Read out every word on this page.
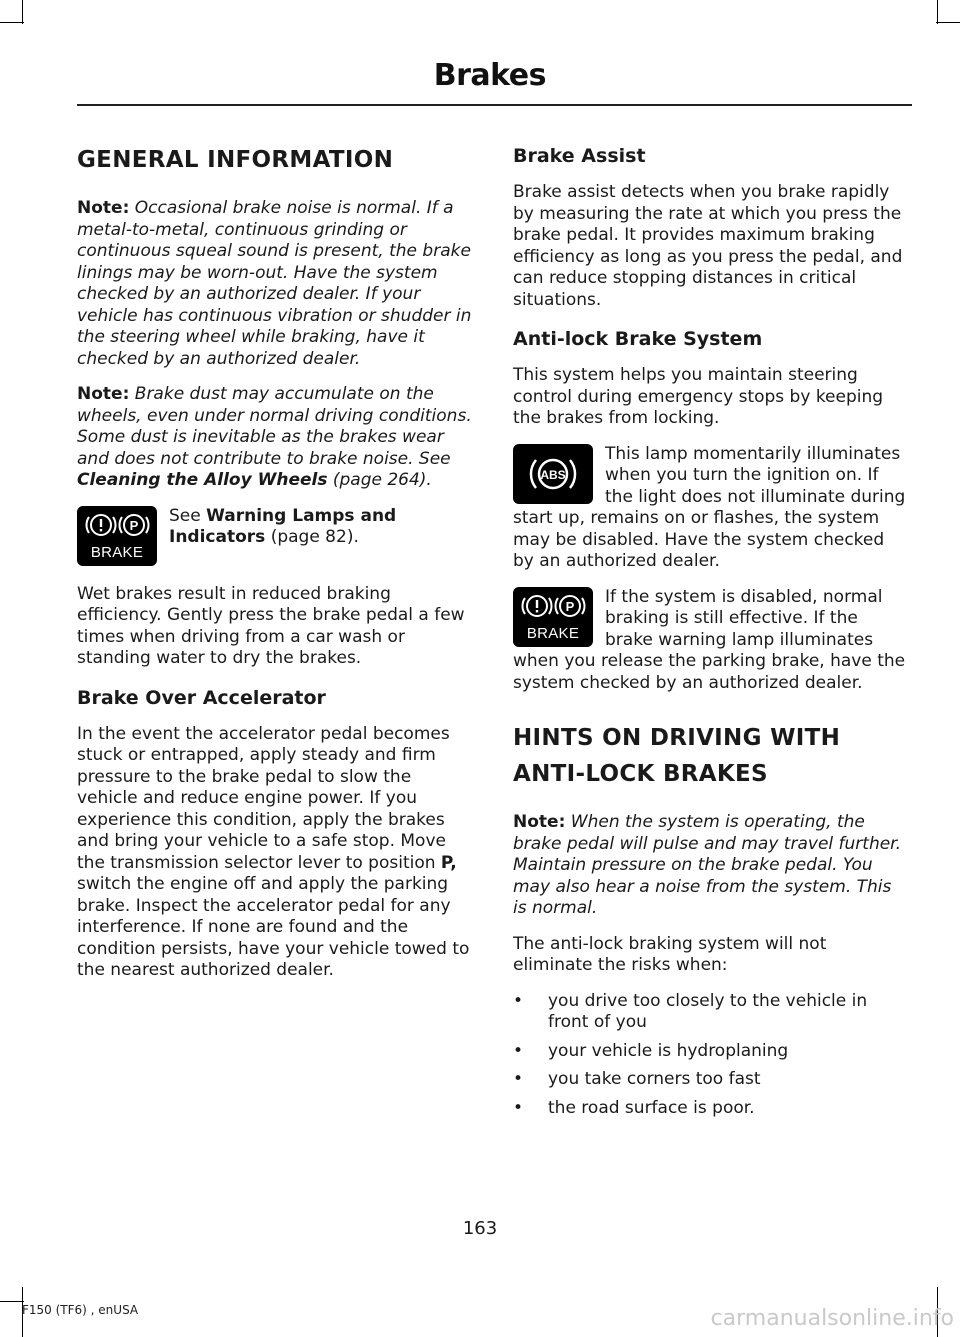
Brakes
GENERAL INFORMATION

Note: Occasional brake noise is normal. If a metal-to-metal, continuous grinding or continuous squeal sound is present, the brake linings may be worn-out. Have the system checked by an authorized dealer. If your vehicle has continuous vibration or shudder in the steering wheel while braking, have it checked by an authorized dealer.

Note: Brake dust may accumulate on the wheels, even under normal driving conditions. Some dust is inevitable as the brakes wear and does not contribute to brake noise. See Cleaning the Alloy Wheels (page 264).

P
BRAKE

See Warning Lamps and Indicators (page 82).

Wet brakes result in reduced braking efficiency. Gently press the brake pedal a few times when driving from a car wash or standing water to dry the brakes.

Brake Over Accelerator

In the event the accelerator pedal becomes stuck or entrapped, apply steady and firm pressure to the brake pedal to slow the vehicle and reduce engine power. If you experience this condition, apply the brakes and bring your vehicle to a safe stop. Move the transmission selector lever to position P, switch the engine off and apply the parking brake. Inspect the accelerator pedal for any interference. If none are found and the condition persists, have your vehicle towed to the nearest authorized dealer.

Brake Assist

Brake assist detects when you brake rapidly by measuring the rate at which you press the brake pedal. It provides maximum braking efficiency as long as you press the pedal, and can reduce stopping distances in critical situations.

Anti-lock Brake System

This system helps you maintain steering control during emergency stops by keeping the brakes from locking.

ABS

This lamp momentarily illuminates when you turn the ignition on. If the light does not illuminate during start up, remains on or flashes, the system may be disabled. Have the system checked by an authorized dealer.

P
BRAKE

If the system is disabled, normal braking is still effective. If the brake warning lamp illuminates when you release the parking brake, have the system checked by an authorized dealer.

HINTS ON DRIVING WITH ANTI-LOCK BRAKES

Note: When the system is operating, the brake pedal will pulse and may travel further. Maintain pressure on the brake pedal. You may also hear a noise from the system. This is normal.

The anti-lock braking system will not eliminate the risks when:

• you drive too closely to the vehicle in front of you
• your vehicle is hydroplaning
• you take corners too fast
• the road surface is poor.
163
F150 (TF6) , enUSA	carmanualsonline.info
